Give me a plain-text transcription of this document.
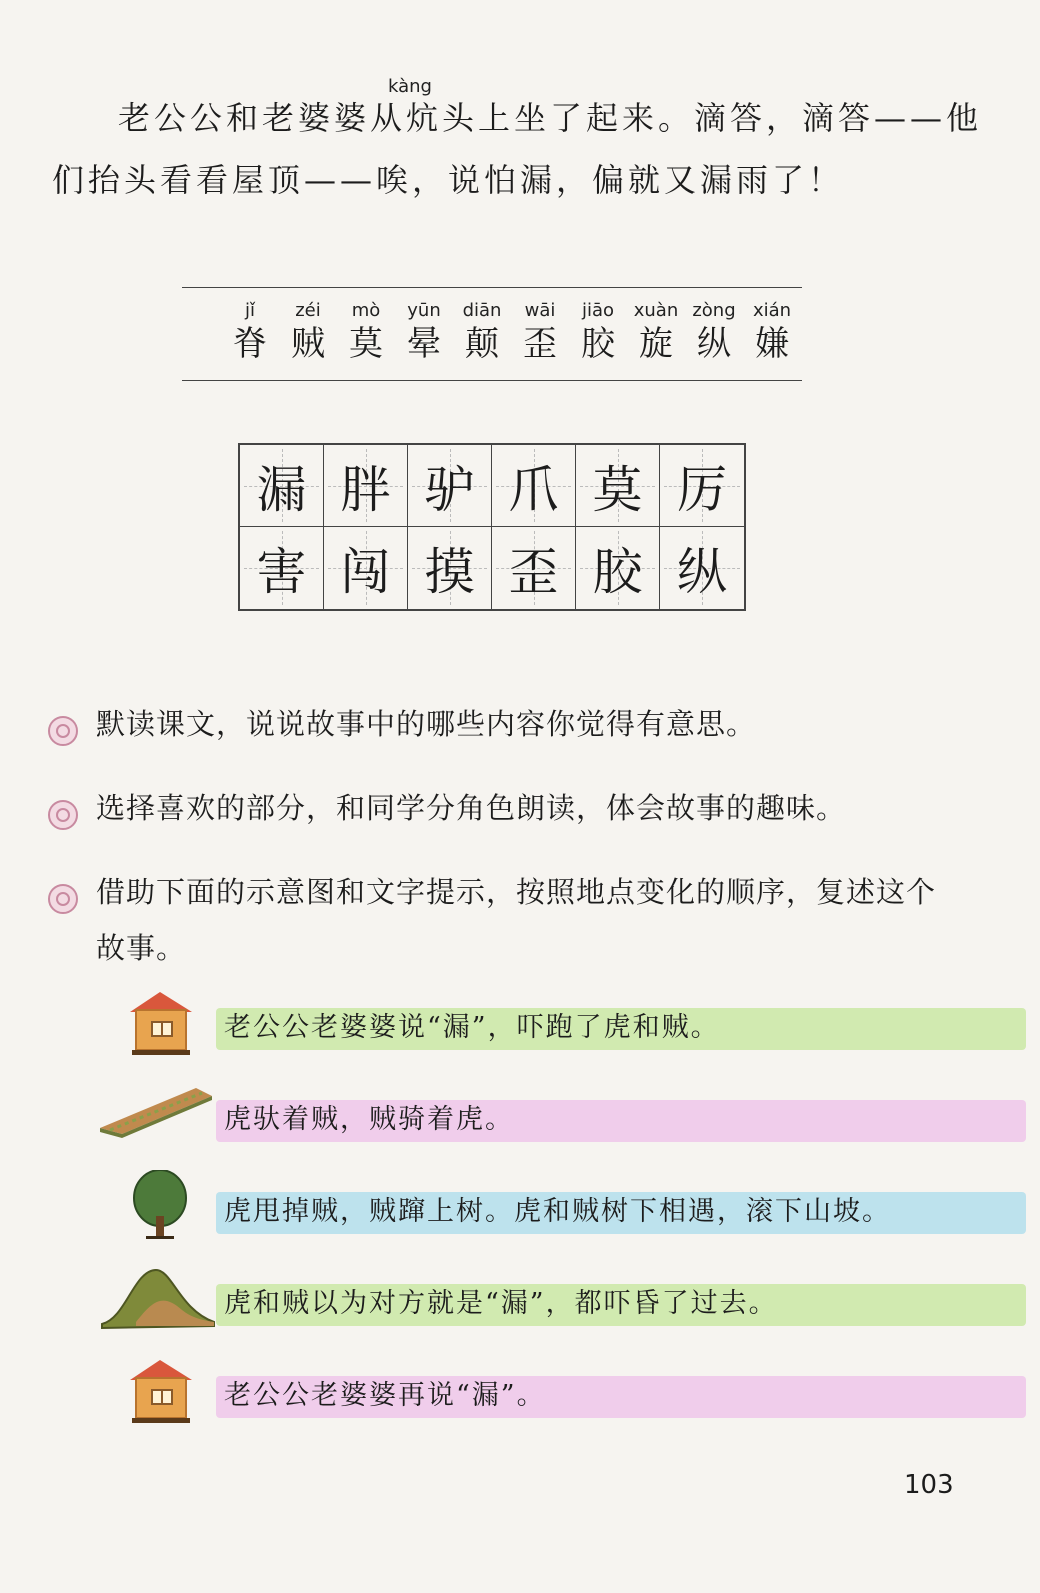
kàng
老公公和老婆婆从炕头上坐了起来。滴答，滴答——他
们抬头看看屋顶——唉，说怕漏，偏就又漏雨了！
jǐ
脊
zéi
贼
mò
莫
yūn
晕
diān
颠
wāi
歪
jiāo
胶
xuàn
旋
zòng
纵
xián
嫌
漏 胖 驴 爪 莫 厉
害 闯 摸 歪 胶 纵
默读课文，说说故事中的哪些内容你觉得有意思。
选择喜欢的部分，和同学分角色朗读，体会故事的趣味。
借助下面的示意图和文字提示，按照地点变化的顺序，复述这个
故事。
老公公老婆婆说“漏”，吓跑了虎和贼。
虎驮着贼，贼骑着虎。
虎甩掉贼，贼蹿上树。虎和贼树下相遇，滚下山坡。
虎和贼以为对方就是“漏”，都吓昏了过去。
老公公老婆婆再说“漏”。
103
